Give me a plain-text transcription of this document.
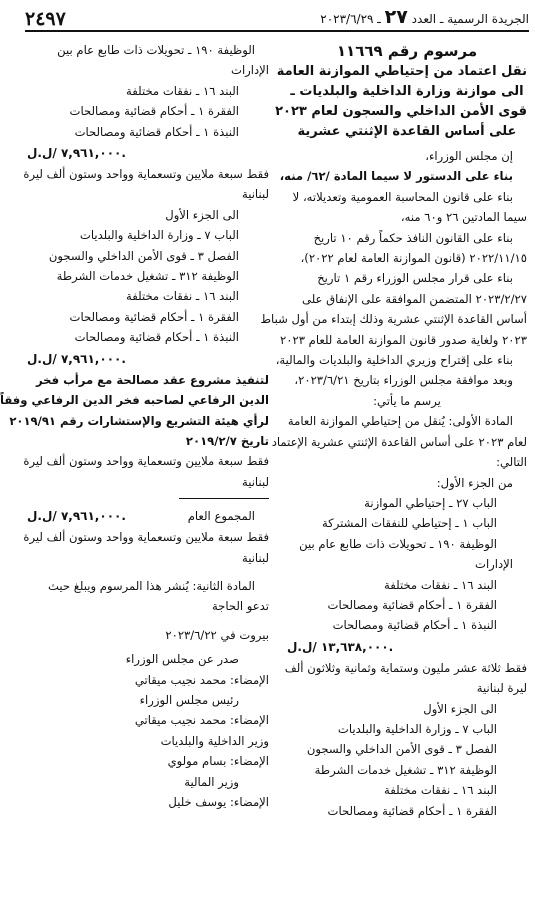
الجريدة الرسمية ـ العدد ٢٧ ـ ٢٠٢٣/٦/٢٩
٢٤٩٧
مرسوم رقم ١١٦٦٩
نقل اعتماد من إحتياطي الموازنة العامة
الى موازنة وزارة الداخلية والبلديات ـ
قوى الأمن الداخلي والسجون لعام ٢٠٢٣
على أساس القاعدة الإثنتي عشرية
إن مجلس الوزراء،
بناء على الدستور لا سيما المادة /٦٢/ منه،
بناء على قانون المحاسبة العمومية وتعديلاته، لا
سيما المادتين ٢٦ و٦٠ منه،
بناء على القانون النافذ حكماً رقم ١٠ تاريخ
٢٠٢٢/١١/١٥ (قانون الموازنة العامة لعام ٢٠٢٢)،
بناء على قرار مجلس الوزراء رقم ١ تاريخ
٢٠٢٣/٢/٢٧ المتضمن الموافقة على الإنفاق على
أساس القاعدة الإثنتي عشرية وذلك إبتداء من أول شباط
٢٠٢٣ ولغاية صدور قانون الموازنة العامة للعام ٢٠٢٣
بناء على إقتراح وزيري الداخلية والبلديات والمالية،
وبعد موافقة مجلس الوزراء بتاريخ ٢٠٢٣/٦/٢١،
يرسم ما يأتي:
المادة الأولى: يُنقل من إحتياطي الموازنة العامة
لعام ٢٠٢٣ على أساس القاعدة الإثنتي عشرية الإعتماد
التالي:
من الجزء الأول:
الباب ٢٧ ـ إحتياطي الموازنة
الباب ١ ـ إحتياطي للنفقات المشتركة
الوظيفة ١٩٠ ـ تحويلات ذات طابع عام بين
الإدارات
البند ١٦ ـ نفقات مختلفة
الفقرة ١ ـ أحكام قضائية ومصالحات
النبذة ١ ـ أحكام قضائية ومصالحات
١٣,٦٣٨,٠٠٠ /ل.ل.
فقط ثلاثة عشر مليون وستماية وثمانية وثلاثون ألف
ليرة لبنانية
الى الجزء الأول
الباب ٧ ـ وزارة الداخلية والبلديات
الفصل ٣ ـ قوى الأمن الداخلي والسجون
الوظيفة ٣١٢ ـ تشغيل خدمات الشرطة
البند ١٦ ـ نفقات مختلفة
الفقرة ١ ـ أحكام قضائية ومصالحات
الوظيفة ١٩٠ ـ تحويلات ذات طابع عام بين
الإدارات
البند ١٦ ـ نفقات مختلفة
الفقرة ١ ـ أحكام قضائية ومصالحات
النبذة ١ ـ أحكام قضائية ومصالحات
٧,٩٦١,٠٠٠ /ل.ل.
فقط سبعة ملايين وتسعماية وواحد وستون ألف ليرة
لبنانية
الى الجزء الأول
الباب ٧ ـ وزارة الداخلية والبلديات
الفصل ٣ ـ قوى الأمن الداخلي والسجون
الوظيفة ٣١٢ ـ تشغيل خدمات الشرطة
البند ١٦ ـ نفقات مختلفة
الفقرة ١ ـ أحكام قضائية ومصالحات
النبذة ١ ـ أحكام قضائية ومصالحات
٧,٩٦١,٠٠٠ /ل.ل.
لتنفيذ مشروع عقد مصالحة مع مرأب فخر
الدين الرفاعي لصاحبه فخر الدين الرفاعي وفقاً
لرأي هيئة التشريع والإستشارات رقم ٢٠١٩/٩١
تاريخ ٢٠١٩/٢/٧
فقط سبعة ملايين وتسعماية وواحد وستون ألف ليرة
لبنانية
المجموع العام
٧,٩٦١,٠٠٠ /ل.ل.
فقط سبعة ملايين وتسعماية وواحد وستون ألف ليرة
لبنانية
المادة الثانية: يُنشر هذا المرسوم ويبلغ حيث
تدعو الحاجة
بيروت في ٢٠٢٣/٦/٢٢
صدر عن مجلس الوزراء
الإمضاء: محمد نجيب ميقاتي
رئيس مجلس الوزراء
الإمضاء: محمد نجيب ميقاتي
وزير الداخلية والبلديات
الإمضاء: بسام مولوي
وزير المالية
الإمضاء: يوسف خليل
